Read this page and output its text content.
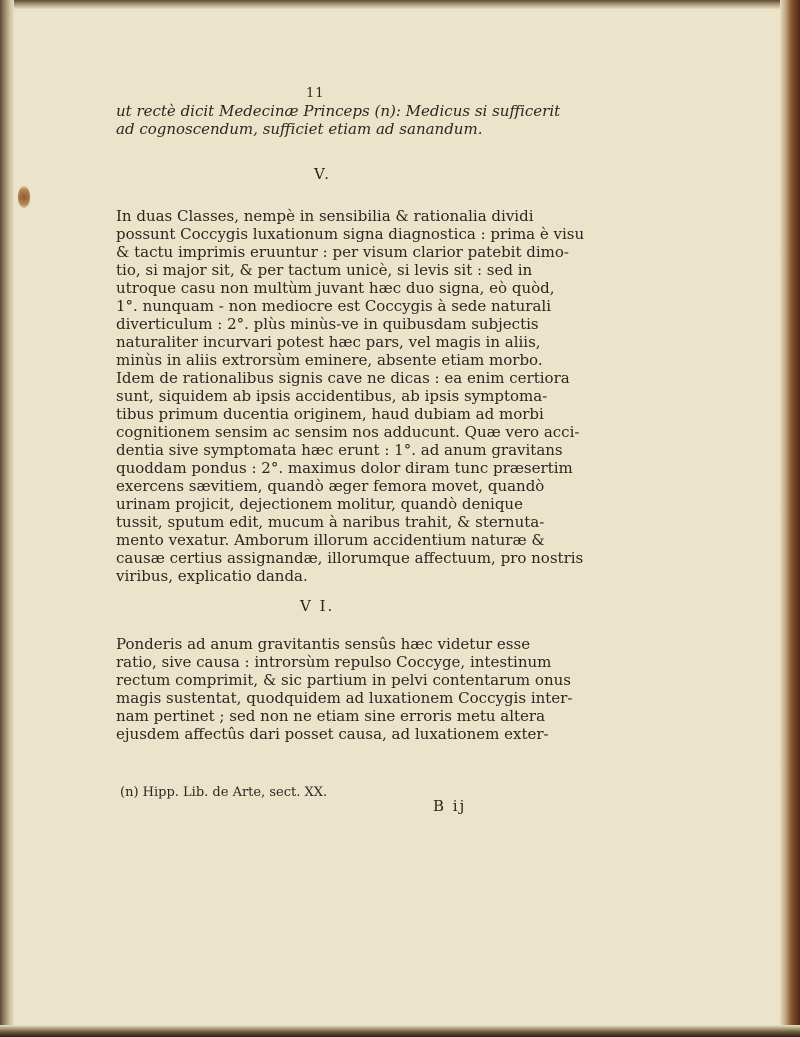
11

ut rectè dicit Medecinæ Princeps (n): Medicus si sufficerit

ad cognoscendum, sufficiet etiam ad sanandum.

V.

In duas Classes, nempè in sensibilia & rationalia dividi

possunt Coccygis luxationum signa diagnostica : prima è visu

& tactu imprimis eruuntur : per visum clarior patebit dimo-

tio, si major sit, & per tactum unicè, si levis sit : sed in

utroque casu non multùm juvant hæc duo signa, eò quòd,

1°. nunquam - non mediocre est Coccygis à sede naturali

diverticulum : 2°. plùs minùs-ve in quibusdam subjectis

naturaliter incurvari potest hæc pars, vel magis in aliis,

minùs in aliis extrorsùm eminere, absente etiam morbo.

Idem de rationalibus signis cave ne dicas : ea enim certiora

sunt, siquidem ab ipsis accidentibus, ab ipsis symptoma-

tibus primum ducentia originem, haud dubiam ad morbi

cognitionem sensim ac sensim nos adducunt. Quæ vero acci-

dentia sive symptomata hæc erunt : 1°. ad anum gravitans

quoddam pondus : 2°. maximus dolor diram tunc præsertim

exercens sævitiem, quandò æger femora movet, quandò

urinam projicit, dejectionem molitur, quandò denique

tussit, sputum edit, mucum à naribus trahit, & sternuta-

mento vexatur. Amborum illorum accidentium naturæ &

causæ certius assignandæ, illorumque affectuum, pro nostris

viribus, explicatio danda.

V I.

Ponderis ad anum gravitantis sensûs hæc videtur esse

ratio, sive causa : introrsùm repulso Coccyge, intestinum

rectum comprimit, & sic partium in pelvi contentarum onus

magis sustentat, quodquidem ad luxationem Coccygis inter-

nam pertinet ; sed non ne etiam sine erroris metu altera

ejusdem affectûs dari posset causa, ad luxationem exter-

(n) Hipp. Lib. de Arte, sect. XX.
B ij
